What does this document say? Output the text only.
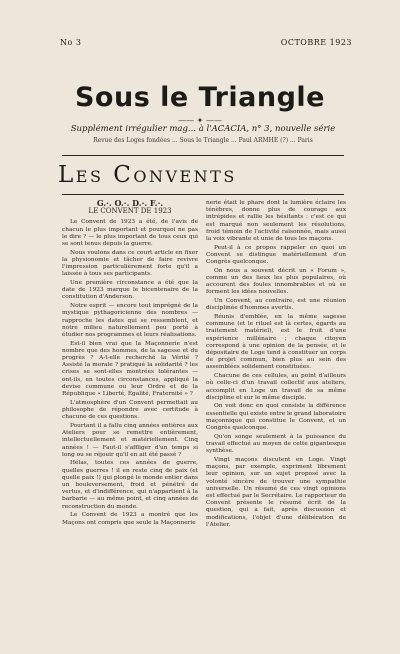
No 3	OCTOBRE 1923
Sous le Triangle
—— ✦ ——
Supplément irrégulier mag... à l'ACACIA, n° 3, nouvelle série
Revue des Loges fondées ... Sous le Triangle ... Paul ARMHE (?) ... Paris
Les Convents
G.·. O.·. D.·. F.·.
LE CONVENT DE 1923

Le Convent de 1923 a été, de l'avis de chacun le plus important et pourquoi ne pas le dire ? — le plus important de tous ceux qui se sont tenus depuis la guerre.

Nous voulons dans ce court article en fixer la physionomie et tâcher de faire revivre l'impression particulièrement forte qu'il a laissée à tous ses participants.

Une première circonstance a été que la date de 1923 marque le bicentenaire de la constitution d'Anderson.

Notre esprit — encore tout imprégné de la mystique pythagoricienne des nombres — rapproche les dates qui se ressemblent, et notre milieu naturellement peu porté à étudier nos programmes et leurs réalisations.

Est-il bien vrai que la Maçonnerie n'est nombre que des hommes, de la sagesse et du progrès ? A-t-elle recherché la Vérité ? Assisté la morale ? pratiqué la solidarité ? les crises se sont-elles montrées tolérantes — ont-ils, en toutes circonstances, appliqué la devise commune ou leur Ordre et de la République « Liberté, Égalité, Fraternité » ?

L'atmosphère d'un Convent permettait au philosophe de répondre avec certitude à chacune de ces questions.

Pourtant il a fallu cinq années entières aux Ateliers pour se remettre entièrement, intellectuellement et matériellement. Cinq années ! — Faut-il s'affliger d'un temps si long ou se réjouir qu'il en ait été passé ?

Hélas, toutes ces années de guerre, quelles guerres ! il en reste cinq de paix (et quelle paix !) qui plongé le monde entier dans un bouleversement, froid et pénétré de vertus, et d'indifférence, qui n'appartient à la barbarie — au même point, et cinq années de reconstruction du monde.

Le Convent de 1923 a montré que les Maçons ont compris que seule la Maçonnerie

nerie était le phare dont la lumière éclaire les ténèbres, donne plus de courage aux intrépides et rallie les hésitants : c'est ce qui est marqué non seulement les résolutions, froid témoin de l'activité raisonnée, mais aussi la voix vibrante et unie de tous les maçons.

Peut-il à ce propos rappeler en quoi un Convent se distingue matériellement d'un Congrès quelconque.

On nous a souvent décrit un « Forum », comme un des lieux les plus populaires, où accourent des foules innombrables et où se forment les idées nouvelles.

Un Convent, au contraire, est une réunion disciplinée d'hommes avertis.

Réunis d'emblée, en la même sagesse commune (et le rituel est là certes, égards au traitement matériel), est le fruit d'une expérience millénaire ; chaque citoyen correspond à une opinion de la pensée, et le dépositaire de Loge tend à constituer un corps de projet commun, bien plus au sein des assemblées solidement constituées.

Chacune de ces cellules, au point d'ailleurs où celle-ci d'un travail collectif aux ateliers, accomplit en Loge un travail de sa même discipline et sur le même disciple.

On voit donc en quoi consiste la différence essentielle qui existe entre le grand laboratoire maçonnique qui constitue le Convent, et un Congrès quelconque.

Qu'on songe seulement à la puissance du travail effectué au moyen de cette gigantesque synthèse.

Vingt maçons discutent en Loge. Vingt maçons, par exemple, expriment librement leur opinion, sur un sujet proposé avec la volonté sincère de trouver une sympathie universelle. Un résumé de ces vingt opinions est effectué par le Secrétaire. Le rapporteur du Convent présente le résumé écrit de la question, qui a fait, après discussion et modifications, l'objet d'une délibération de l'Atelier.
